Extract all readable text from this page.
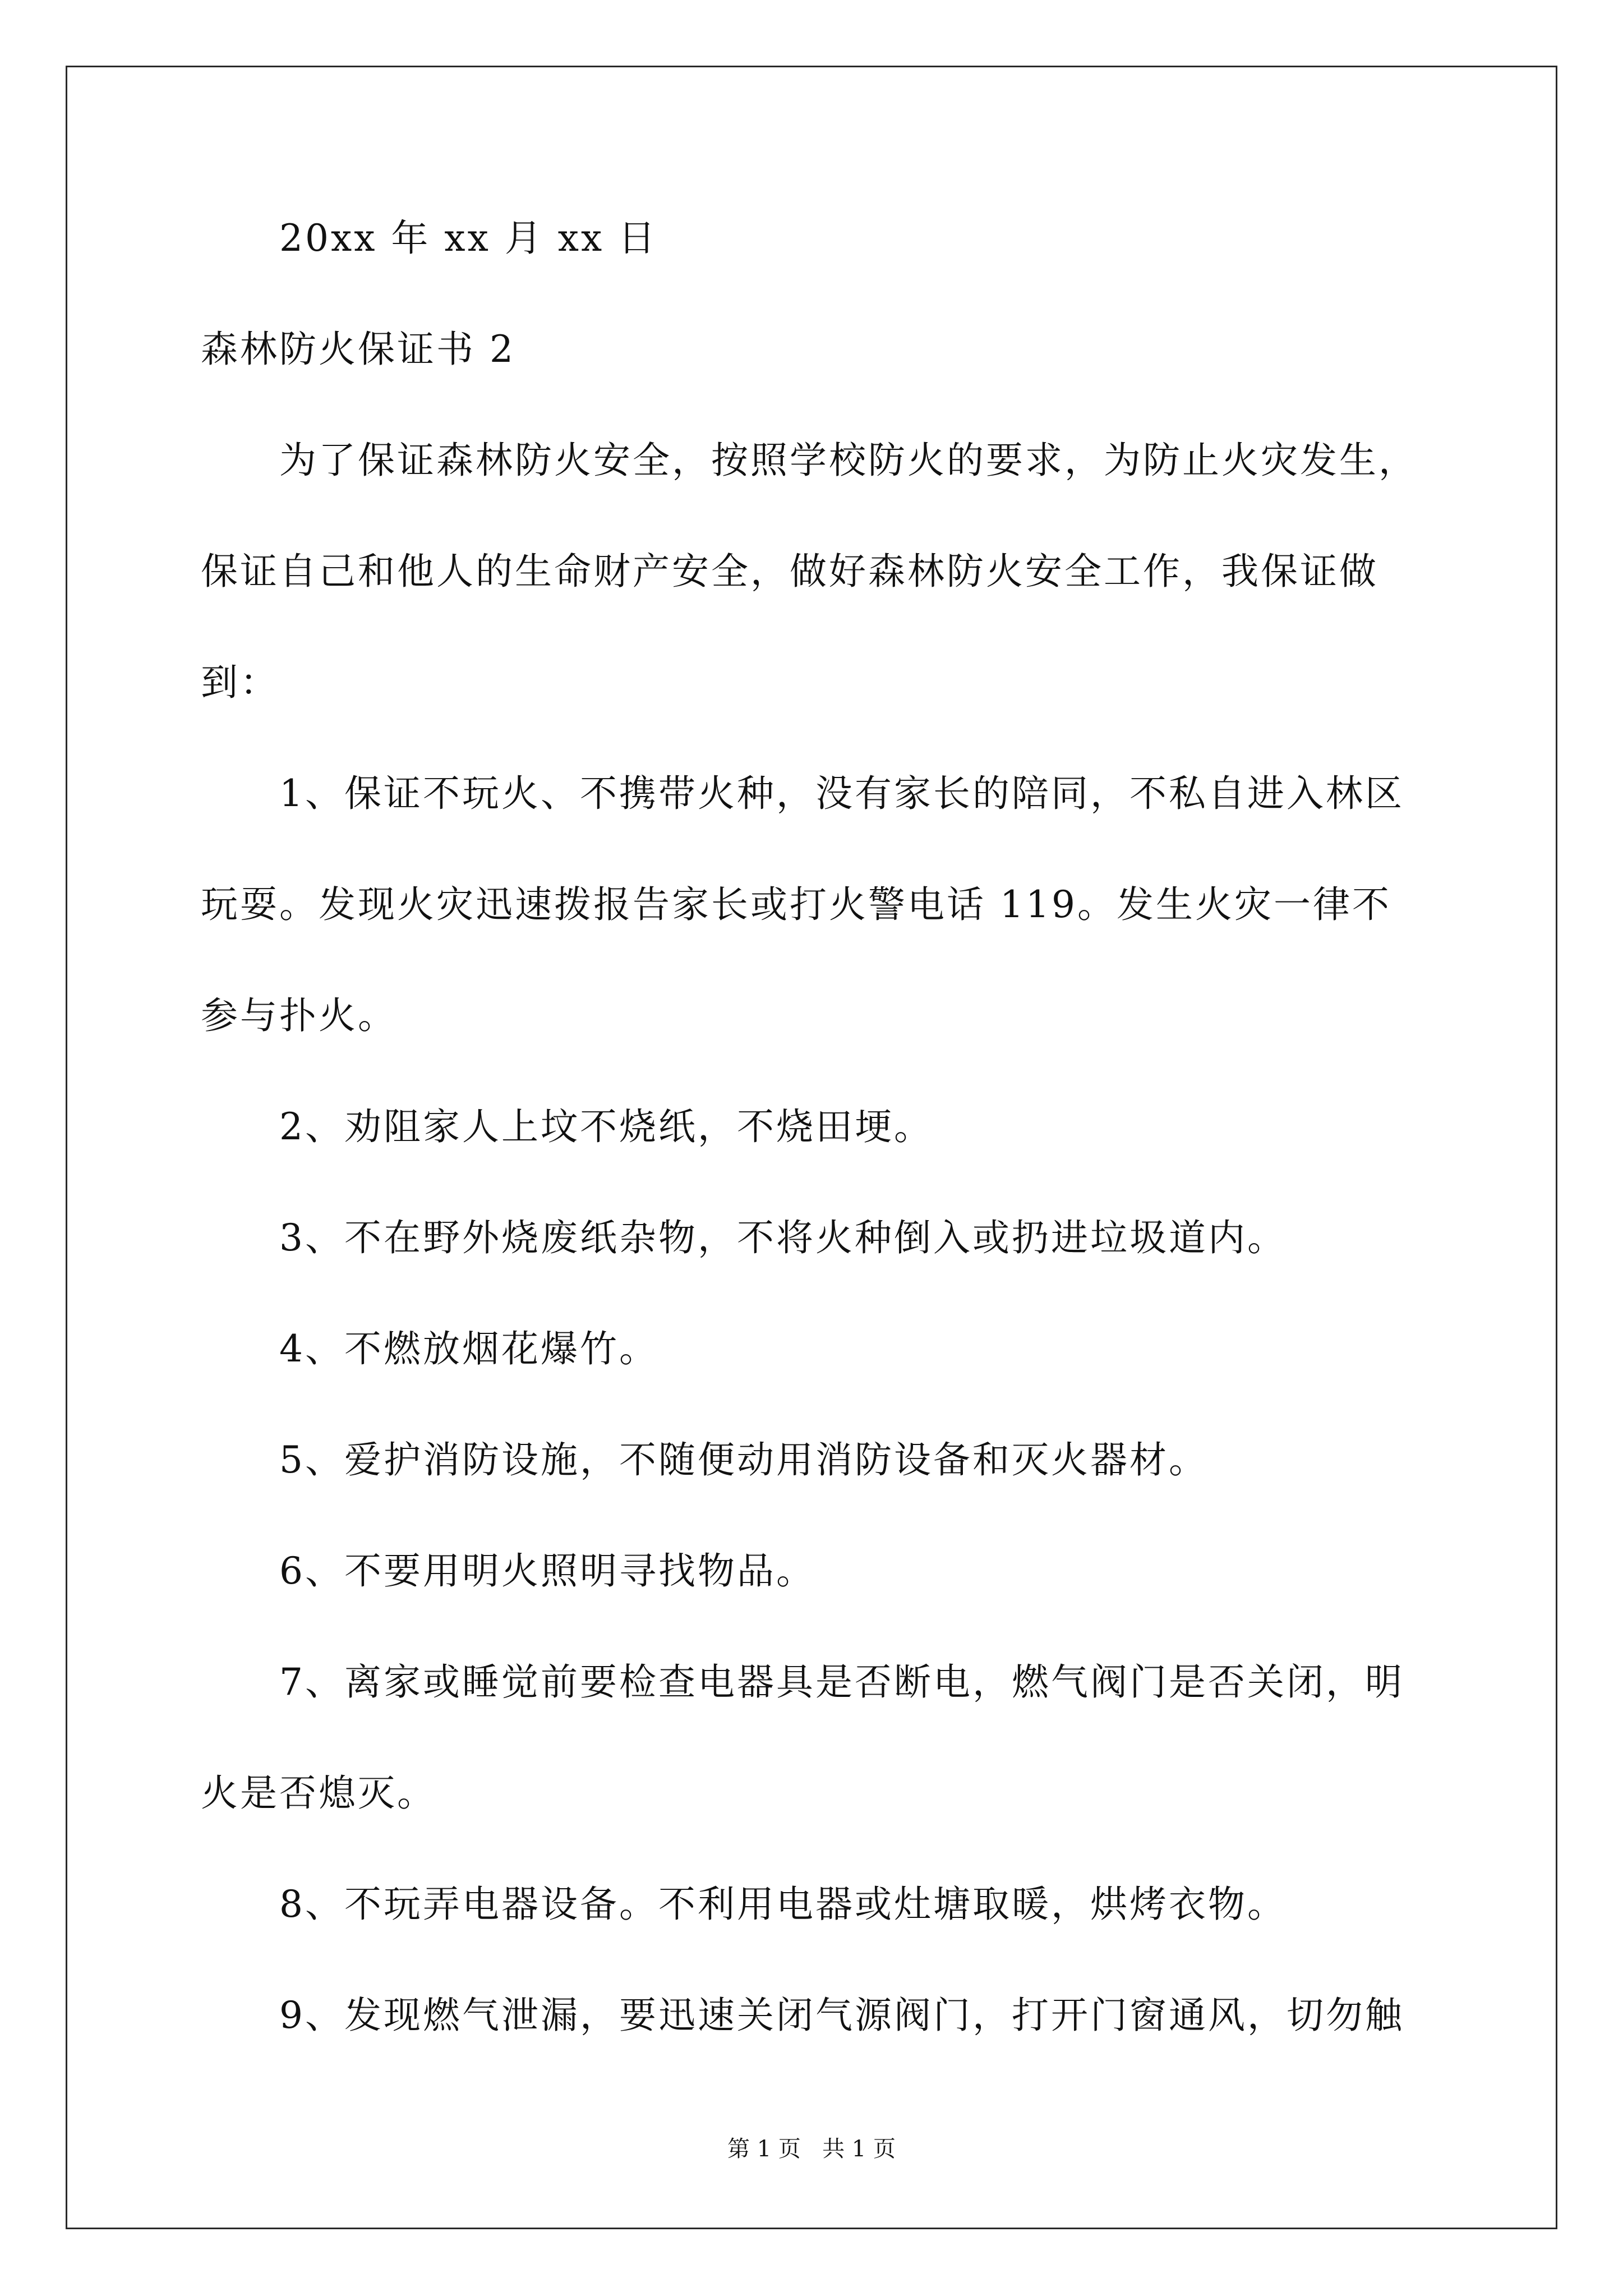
20xx 年 xx 月 xx 日
森林防火保证书 2
为了保证森林防火安全，按照学校防火的要求，为防止火灾发生，
保证自己和他人的生命财产安全，做好森林防火安全工作，我保证做
到：
1、保证不玩火、不携带火种，没有家长的陪同，不私自进入林区
玩耍。发现火灾迅速拨报告家长或打火警电话 119。发生火灾一律不
参与扑火。
2、劝阻家人上坟不烧纸，不烧田埂。
3、不在野外烧废纸杂物，不将火种倒入或扔进垃圾道内。
4、不燃放烟花爆竹。
5、爱护消防设施，不随便动用消防设备和灭火器材。
6、不要用明火照明寻找物品。
7、离家或睡觉前要检查电器具是否断电，燃气阀门是否关闭，明
火是否熄灭。
8、不玩弄电器设备。不利用电器或灶塘取暖，烘烤衣物。
9、发现燃气泄漏，要迅速关闭气源阀门，打开门窗通风，切勿触
第 1 页   共 1 页
